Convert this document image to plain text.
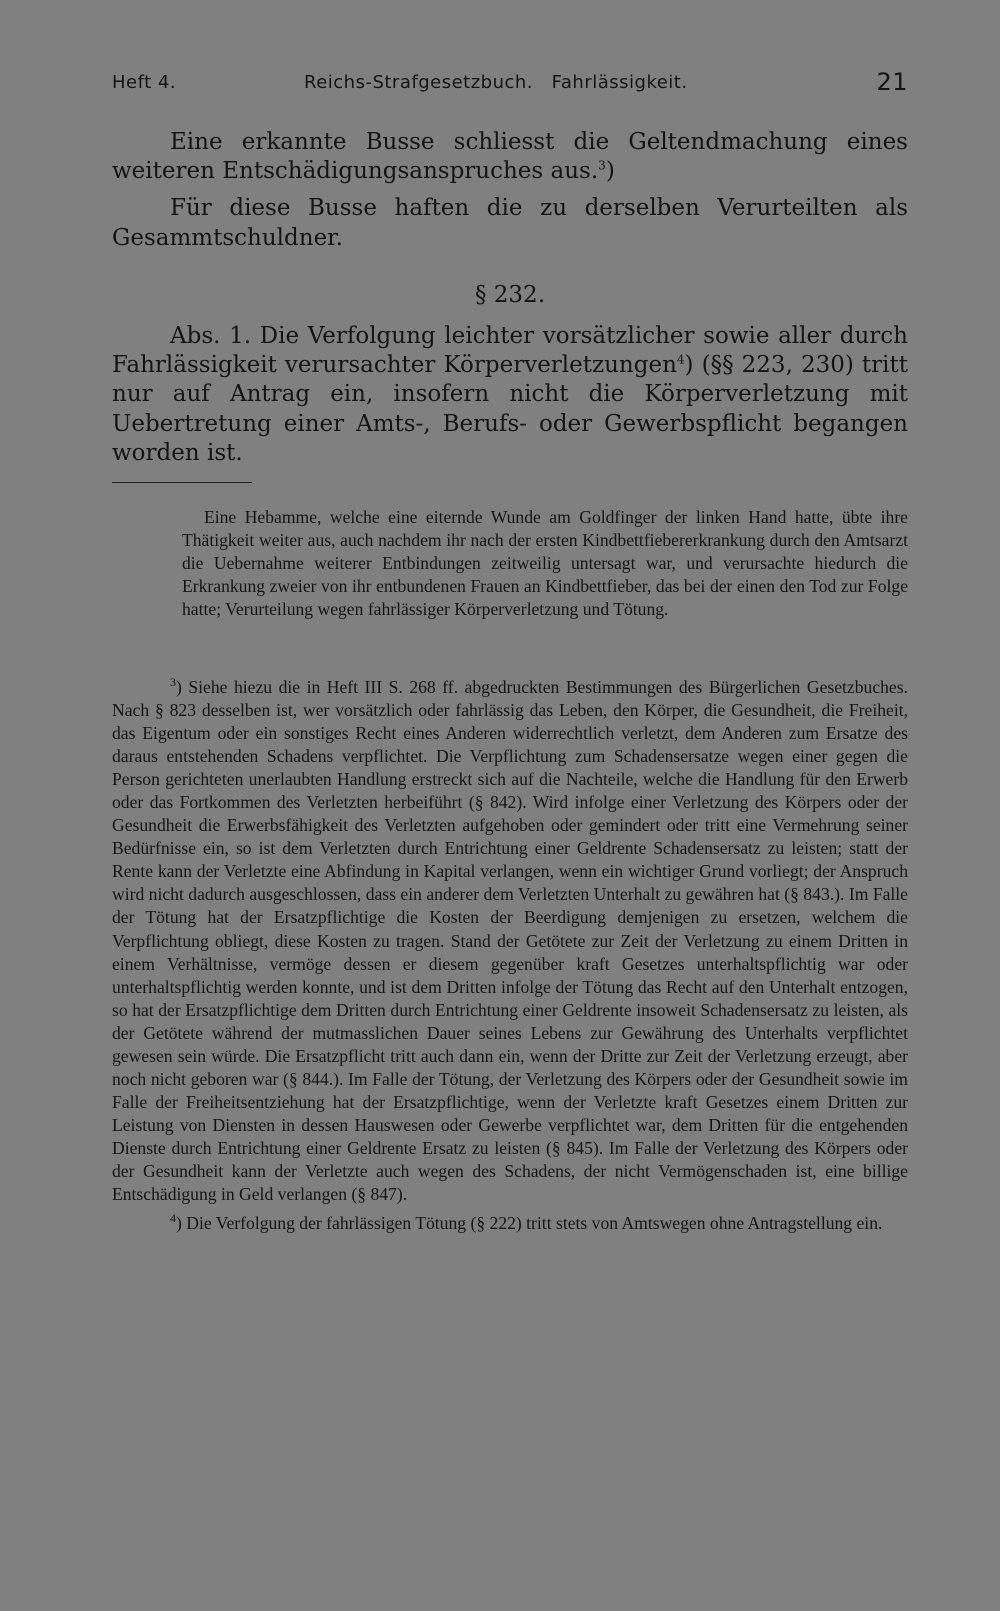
Heft 4.	Reichs-Strafgesetzbuch.   Fahrlässigkeit.	21

Eine erkannte Busse schliesst die Geltendmachung eines weiteren Entschädigungsanspruches aus.$^3$)

Für diese Busse haften die zu derselben Verurteilten als Gesammtschuldner.

§ 232.

Abs. 1. Die Verfolgung leichter vorsätzlicher sowie aller durch Fahrlässigkeit verursachter Körperverletzungen$^4$) (§§ 223, 230) tritt nur auf Antrag ein, insofern nicht die Körperverletzung mit Uebertretung einer Amts-, Berufs- oder Gewerbspflicht begangen worden ist.

Eine Hebamme, welche eine eiternde Wunde am Goldfinger der linken Hand hatte, übte ihre Thätigkeit weiter aus, auch nachdem ihr nach der ersten Kindbettfiebererkrankung durch den Amtsarzt die Uebernahme weiterer Entbindungen zeitweilig untersagt war, und verursachte hiedurch die Erkrankung zweier von ihr entbundenen Frauen an Kindbettfieber, das bei der einen den Tod zur Folge hatte; Verurteilung wegen fahrlässiger Körperverletzung und Tötung.

$^3$) Siehe hiezu die in Heft III S. 268 ff. abgedruckten Bestimmungen des Bürgerlichen Gesetzbuches. Nach § 823 desselben ist, wer vorsätzlich oder fahrlässig das Leben, den Körper, die Gesundheit, die Freiheit, das Eigentum oder ein sonstiges Recht eines Anderen widerrechtlich verletzt, dem Anderen zum Ersatze des daraus entstehenden Schadens verpflichtet. Die Verpflichtung zum Schadensersatze wegen einer gegen die Person gerichteten unerlaubten Handlung erstreckt sich auf die Nachteile, welche die Handlung für den Erwerb oder das Fortkommen des Verletzten herbeiführt (§ 842). Wird infolge einer Verletzung des Körpers oder der Gesundheit die Erwerbsfähigkeit des Verletzten aufgehoben oder gemindert oder tritt eine Vermehrung seiner Bedürfnisse ein, so ist dem Verletzten durch Entrichtung einer Geldrente Schadensersatz zu leisten; statt der Rente kann der Verletzte eine Abfindung in Kapital verlangen, wenn ein wichtiger Grund vorliegt; der Anspruch wird nicht dadurch ausgeschlossen, dass ein anderer dem Verletzten Unterhalt zu gewähren hat (§ 843.). Im Falle der Tötung hat der Ersatzpflichtige die Kosten der Beerdigung demjenigen zu ersetzen, welchem die Verpflichtung obliegt, diese Kosten zu tragen. Stand der Getötete zur Zeit der Verletzung zu einem Dritten in einem Verhältnisse, vermöge dessen er diesem gegenüber kraft Gesetzes unterhaltspflichtig war oder unterhaltspflichtig werden konnte, und ist dem Dritten infolge der Tötung das Recht auf den Unterhalt entzogen, so hat der Ersatzpflichtige dem Dritten durch Entrichtung einer Geldrente insoweit Schadensersatz zu leisten, als der Getötete während der mutmasslichen Dauer seines Lebens zur Gewährung des Unterhalts verpflichtet gewesen sein würde. Die Ersatzpflicht tritt auch dann ein, wenn der Dritte zur Zeit der Verletzung erzeugt, aber noch nicht geboren war (§ 844.). Im Falle der Tötung, der Verletzung des Körpers oder der Gesundheit sowie im Falle der Freiheitsentziehung hat der Ersatzpflichtige, wenn der Verletzte kraft Gesetzes einem Dritten zur Leistung von Diensten in dessen Hauswesen oder Gewerbe verpflichtet war, dem Dritten für die entgehenden Dienste durch Entrichtung einer Geldrente Ersatz zu leisten (§ 845). Im Falle der Verletzung des Körpers oder der Gesundheit kann der Verletzte auch wegen des Schadens, der nicht Vermögenschaden ist, eine billige Entschädigung in Geld verlangen (§ 847).

$^4$) Die Verfolgung der fahrlässigen Tötung (§ 222) tritt stets von Amtswegen ohne Antragstellung ein.
